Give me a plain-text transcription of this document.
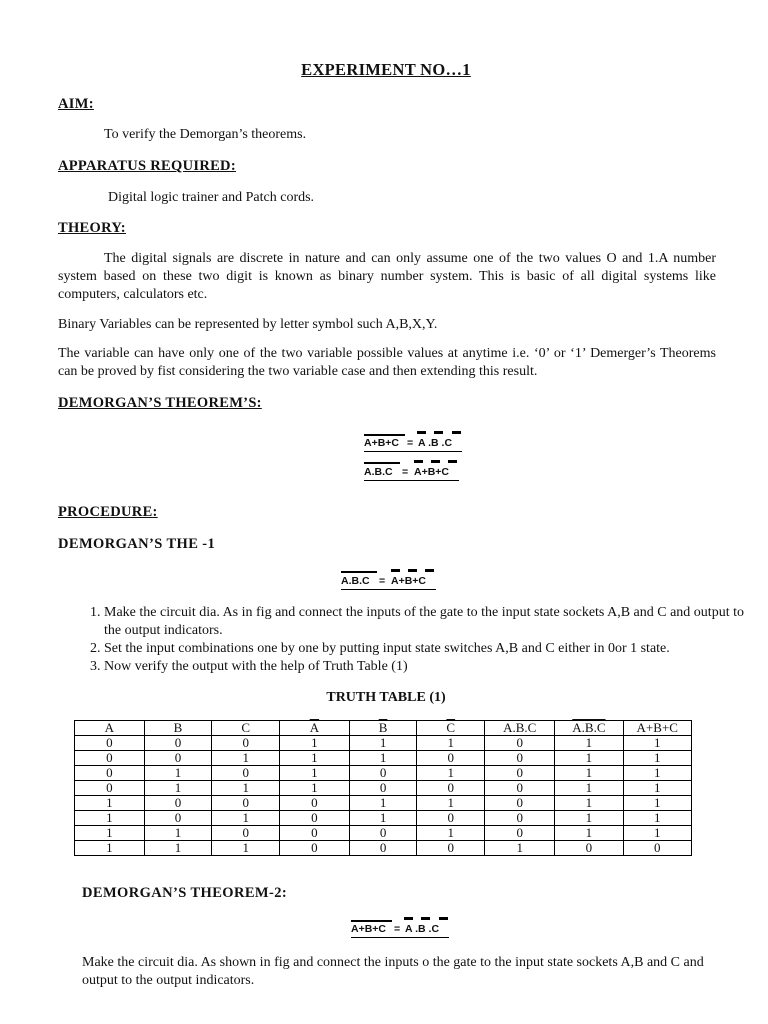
EXPERIMENT NO…1
AIM:
To verify the Demorgan’s theorems.
APPARATUS REQUIRED:
Digital logic trainer and Patch cords.
THEORY:
The digital signals are discrete in nature and can only assume one of the two values O and 1.A number system based on these two digit is known as binary number system. This is basic of all digital systems like computers, calculators etc.
Binary Variables can be represented by letter symbol such A,B,X,Y.
The variable can have only one of the two variable possible values at anytime i.e. ‘0’ or ‘1’ Demerger’s Theorems can be proved by fist considering the two variable case and then extending this result.
DEMORGAN’S THEOREM’S:
A+B+C = A .B .C
A.B.C = A+B+C
PROCEDURE:
DEMORGAN’S THE -1
A.B.C = A+B+C
1. Make the circuit dia. As in fig and connect the inputs of the gate to the input state sockets A,B and C and output to the output indicators.
2. Set the input combinations one by one by putting input state switches A,B and C either in 0or 1 state.
3. Now verify the output with the help of Truth Table (1)
TRUTH TABLE (1)
A	B	C	$\overline{A}$	$\overline{B}$	$\overline{C}$	A.B.C	A.B.C	A+B+C
0	0	0	1	1	1	0	1	1
0	0	1	1	1	0	0	1	1
0	1	0	1	0	1	0	1	1
0	1	1	1	0	0	0	1	1
1	0	0	0	1	1	0	1	1
1	0	1	0	1	0	0	1	1
1	1	0	0	0	1	0	1	1
1	1	1	0	0	0	1	0	0
DEMORGAN’S THEOREM-2:
A+B+C = A .B .C
Make the circuit dia. As shown in fig and connect the inputs o the gate to the input state sockets A,B and C and output to the output indicators.
